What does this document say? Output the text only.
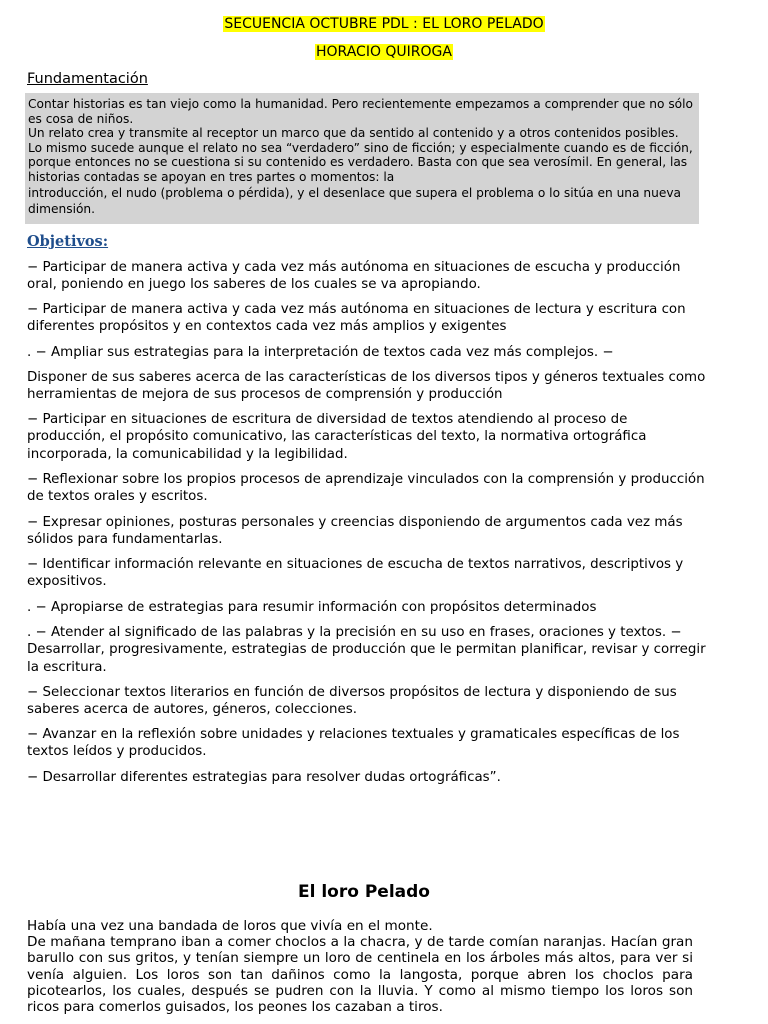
SECUENCIA OCTUBRE PDL : EL LORO PELADO
HORACIO QUIROGA
Fundamentación

Contar historias es tan viejo como la humanidad. Pero recientemente empezamos a comprender que no sólo es cosa de niños.

Un relato crea y transmite al receptor un marco que da sentido al contenido y a otros contenidos posibles. Lo mismo sucede aunque el relato no sea “verdadero” sino de ficción; y especialmente cuando es de ficción, porque entonces no se cuestiona si su contenido es verdadero. Basta con que sea verosímil. En general, las historias contadas se apoyan en tres partes o momentos: la

introducción, el nudo (problema o pérdida), y el desenlace que supera el problema o lo sitúa en una nueva dimensión.

Objetivos:

− Participar de manera activa y cada vez más autónoma en situaciones de escucha y producción oral, poniendo en juego los saberes de los cuales se va apropiando.

− Participar de manera activa y cada vez más autónoma en situaciones de lectura y escritura con diferentes propósitos y en contextos cada vez más amplios y exigentes

. − Ampliar sus estrategias para la interpretación de textos cada vez más complejos. −

Disponer de sus saberes acerca de las características de los diversos tipos y géneros textuales como herramientas de mejora de sus procesos de comprensión y producción

− Participar en situaciones de escritura de diversidad de textos atendiendo al proceso de producción, el propósito comunicativo, las características del texto, la normativa ortográfica incorporada, la comunicabilidad y la legibilidad.

− Reflexionar sobre los propios procesos de aprendizaje vinculados con la comprensión y producción de textos orales y escritos.

− Expresar opiniones, posturas personales y creencias disponiendo de argumentos cada vez más sólidos para fundamentarlas.

− Identificar información relevante en situaciones de escucha de textos narrativos, descriptivos y expositivos.

. − Apropiarse de estrategias para resumir información con propósitos determinados

. − Atender al significado de las palabras y la precisión en su uso en frases, oraciones y textos. − Desarrollar, progresivamente, estrategias de producción que le permitan planificar, revisar y corregir la escritura.

− Seleccionar textos literarios en función de diversos propósitos de lectura y disponiendo de sus saberes acerca de autores, géneros, colecciones.

− Avanzar en la reflexión sobre unidades y relaciones textuales y gramaticales específicas de los textos leídos y producidos.

− Desarrollar diferentes estrategias para resolver dudas ortográficas”.

El loro Pelado

Había una vez una bandada de loros que vivía en el monte.

De mañana temprano iban a comer choclos a la chacra, y de tarde comían naranjas. Hacían gran barullo con sus gritos, y tenían siempre un loro de centinela en los árboles más altos, para ver si venía alguien. Los loros son tan dañinos como la langosta, porque abren los choclos para picotearlos, los cuales, después se pudren con la lluvia. Y como al mismo tiempo los loros son ricos para comerlos guisados, los peones los cazaban a tiros.
